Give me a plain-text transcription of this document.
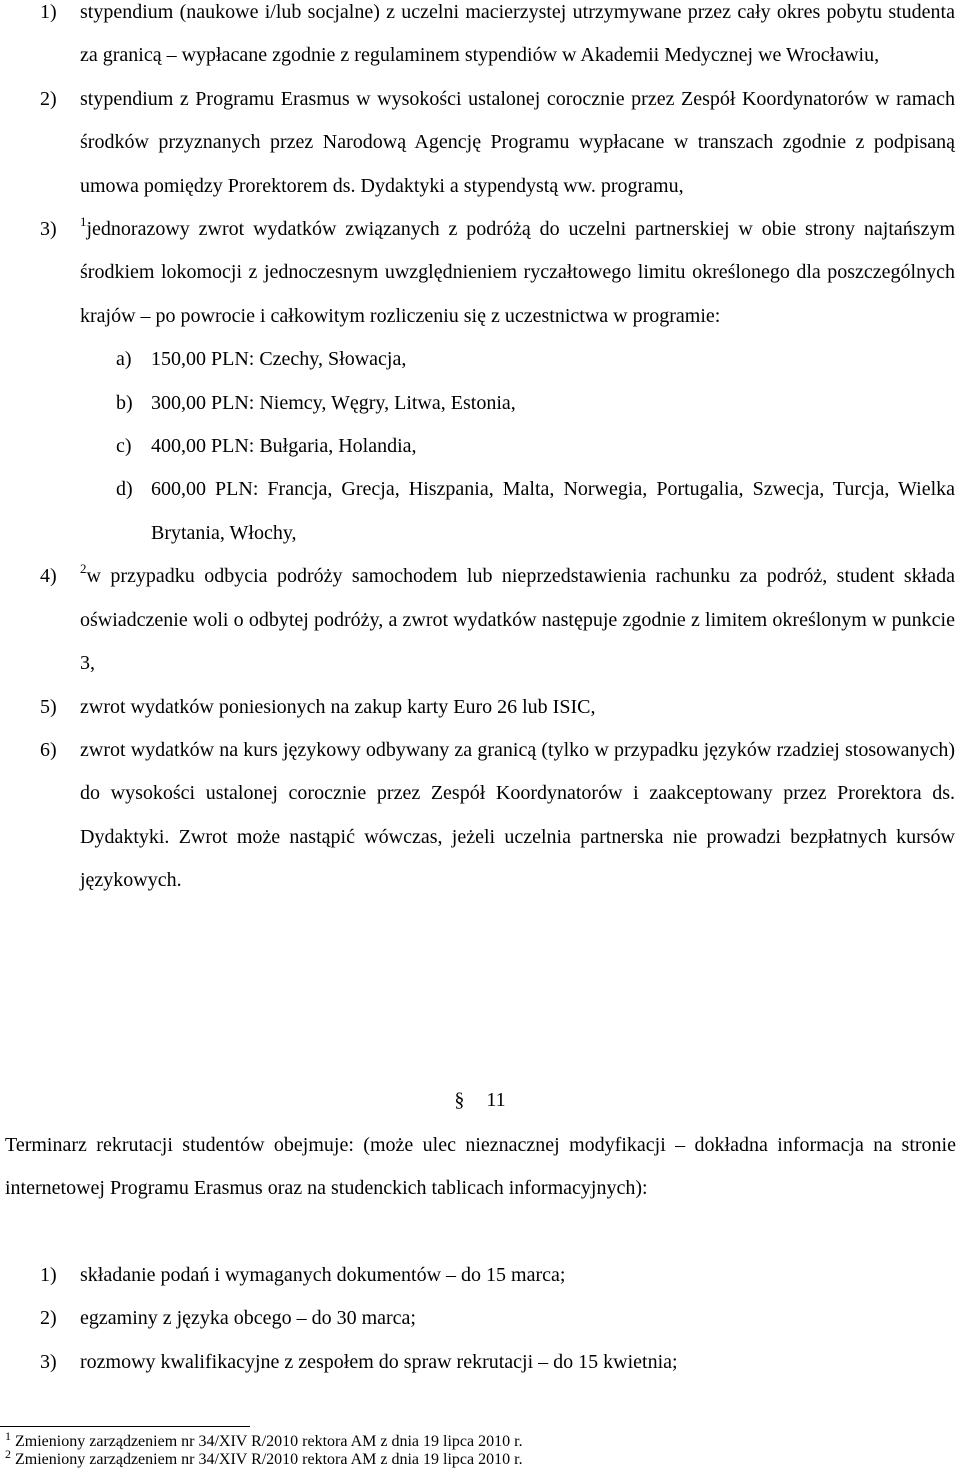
1)	stypendium (naukowe i/lub socjalne) z uczelni macierzystej utrzymywane przez cały okres pobytu studenta za granicą – wypłacane zgodnie z regulaminem stypendiów w Akademii Medycznej we Wrocławiu,
2)	stypendium z Programu Erasmus w wysokości ustalonej corocznie przez Zespół Koordynatorów w ramach środków przyznanych przez Narodową Agencję Programu wypłacane w transzach zgodnie z podpisaną umowa pomiędzy Prorektorem ds. Dydaktyki a stypendystą ww. programu,
3)	$^1$jednorazowy zwrot wydatków związanych z podróżą do uczelni partnerskiej w obie strony najtańszym środkiem lokomocji z jednoczesnym uwzględnieniem ryczałtowego limitu określonego dla poszczególnych krajów – po powrocie i całkowitym rozliczeniu się z uczestnictwa w programie:
a) 150,00 PLN: Czechy, Słowacja,
b) 300,00 PLN: Niemcy, Węgry, Litwa, Estonia,
c) 400,00 PLN: Bułgaria, Holandia,
d) 600,00 PLN: Francja, Grecja, Hiszpania, Malta, Norwegia, Portugalia, Szwecja, Turcja, Wielka Brytania, Włochy,
4)	$^2$w przypadku odbycia podróży samochodem lub nieprzedstawienia rachunku za podróż, student składa oświadczenie woli o odbytej podróży, a zwrot wydatków następuje zgodnie z limitem określonym w punkcie 3,
5)	zwrot wydatków poniesionych na zakup karty Euro 26 lub ISIC,
6)	zwrot wydatków na kurs językowy odbywany za granicą (tylko w przypadku języków rzadziej stosowanych) do wysokości ustalonej corocznie przez Zespół Koordynatorów i zaakceptowany przez Prorektora ds. Dydaktyki. Zwrot może nastąpić wówczas, jeżeli uczelnia partnerska nie prowadzi bezpłatnych kursów językowych.
§ 11
Terminarz rekrutacji studentów obejmuje: (może ulec nieznacznej modyfikacji – dokładna informacja na stronie internetowej Programu Erasmus oraz na studenckich tablicach informacyjnych):
1)	składanie podań i wymaganych dokumentów – do 15 marca;
2)	egzaminy z języka obcego – do 30 marca;
3)	rozmowy kwalifikacyjne z zespołem do spraw rekrutacji – do 15 kwietnia;
$^1$ Zmieniony zarządzeniem nr 34/XIV R/2010 rektora AM z dnia 19 lipca 2010 r.
$^2$ Zmieniony zarządzeniem nr 34/XIV R/2010 rektora AM z dnia 19 lipca 2010 r.
